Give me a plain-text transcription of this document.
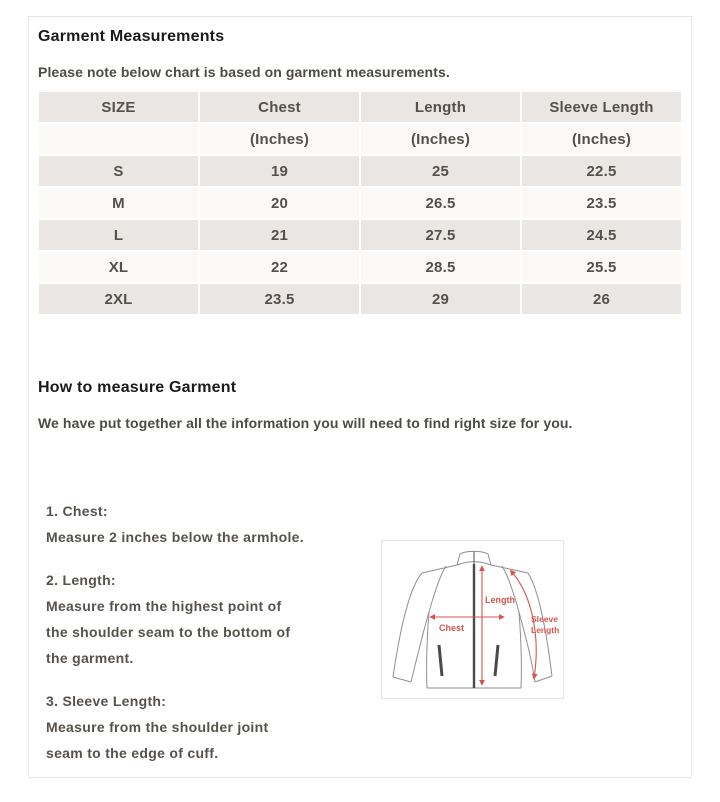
Garment Measurements

Please note below chart is based on garment measurements.

SIZE	Chest	Length	Sleeve Length
	(Inches)	(Inches)	(Inches)
S	19	25	22.5
M	20	26.5	23.5
L	21	27.5	24.5
XL	22	28.5	25.5
2XL	23.5	29	26
How to measure Garment

We have put together all the information you will need to find right size for you.

1. Chest:
Measure 2 inches below the armhole.
2. Length:
Measure from the highest point of
the shoulder seam to the bottom of
the garment.
3. Sleeve Length:
Measure from the shoulder joint
seam to the edge of cuff.
Chest
Length
Sleeve
Length
